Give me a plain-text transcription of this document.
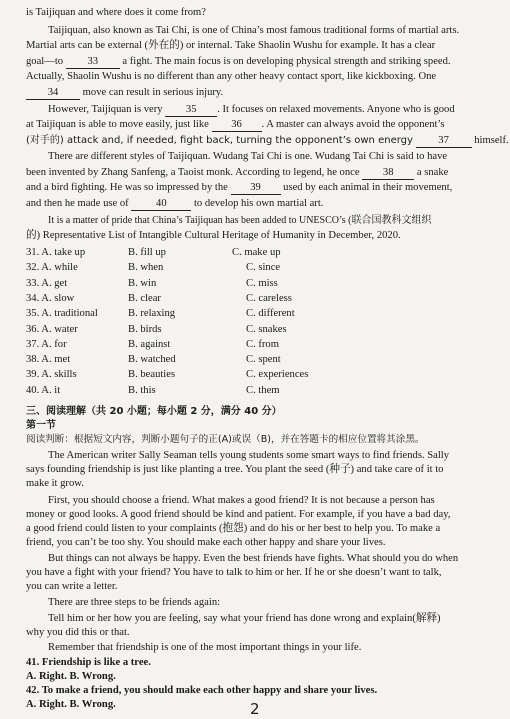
is Taijiquan and where does it come from?
Taijiquan, also known as Tai Chi, is one of China’s most famous traditional forms of martial arts.
Martial arts can be external (外在的) or internal. Take Shaolin Wushu for example. It has a clear
goal—to 33 a fight. The main focus is on developing physical strength and striking speed.
Actually, Shaolin Wushu is no different than any other heavy contact sport, like kickboxing. One
34 move can result in serious injury.
However, Taijiquan is very 35 . It focuses on relaxed movements. Anyone who is good
at Taijiquan is able to move easily, just like 36 . A master can always avoid the opponent’s
(对手的) attack and, if needed, fight back, turning the opponent’s own energy 37 himself.
There are different styles of Taijiquan. Wudang Tai Chi is one. Wudang Tai Chi is said to have
been invented by Zhang Sanfeng, a Taoist monk. According to legend, he once 38 a snake
and a bird fighting. He was so impressed by the 39 used by each animal in their movement,
and then he made use of	40	to develop his own martial art.
It is a matter of pride that China’s Taijiquan has been added to UNESCO’s (联合国教科文组织
的) Representative List of Intangible Cultural Heritage of Humanity in December, 2020.
31. A. take up	B. fill up	C. make up
32. A. while	B. when	C. since
33. A. get	B. win	C. miss
34. A. slow	B. clear	C. careless
35. A. traditional	B. relaxing	C. different
36. A. water	B. birds	C. snakes
37. A. for	B. against	C. from
38. A. met	B. watched	C. spent
39. A. skills	B. beauties	C. experiences
40. A. it	B. this	C. them
三、阅读理解（共 20 小题；每小题 2 分，满分 40 分）
第一节
阅读判断：根据短文内容，判断小题句子的正(A)或误（B)，并在答题卡的相应位置将其涂黑。
The American writer Sally Seaman tells young students some smart ways to find friends. Sally
says founding friendship is just like planting a tree. You plant the seed (种子) and take care of it to
make it grow.
First, you should choose a friend. What makes a good friend? It is not because a person has
money or good looks. A good friend should be kind and patient. For example, if you have a bad day,
a good friend could listen to your complaints (抱怨) and do his or her best to help you. To make a
friend, you can’t be too shy. You should make each other happy and share your lives.
But things can not always be happy. Even the best friends have fights. What should you do when
you have a fight with your friend? You have to talk to him or her. If he or she doesn’t want to talk,
you can write a letter.
There are three steps to be friends again:
Tell him or her how you are feeling, say what your friend has done wrong and explain(解释)
why you did this or that.
Remember that friendship is one of the most important things in your life.
41. Friendship is like a tree.
A. Right. B. Wrong.
42. To make a friend, you should make each other happy and share your lives.
A. Right. B. Wrong.	2
